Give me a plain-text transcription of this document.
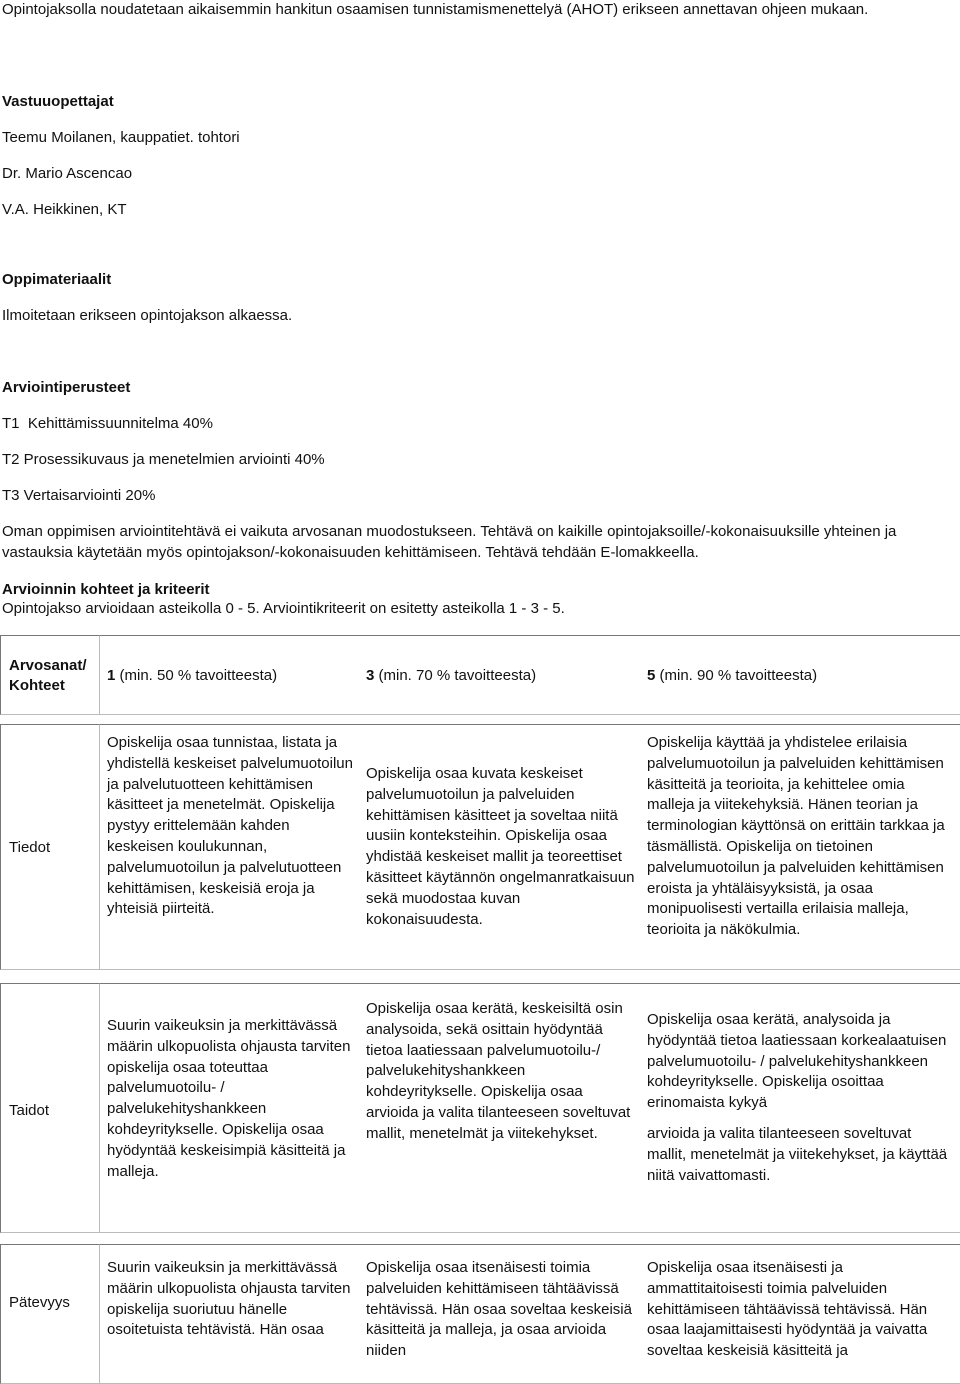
Opintojaksolla noudatetaan aikaisemmin hankitun osaamisen tunnistamismenettelyä (AHOT) erikseen annettavan ohjeen mukaan.
Vastuuopettajat
Teemu Moilanen, kauppatiet. tohtori
Dr. Mario Ascencao
V.A. Heikkinen, KT
Oppimateriaalit
Ilmoitetaan erikseen opintojakson alkaessa.
Arviointiperusteet
T1  Kehittämissuunnitelma 40%
T2 Prosessikuvaus ja menetelmien arviointi 40%
T3 Vertaisarviointi 20%
Oman oppimisen arviointitehtävä ei vaikuta arvosanan muodostukseen. Tehtävä on kaikille opintojaksoille/-kokonaisuuksille yhteinen ja vastauksia käytetään myös opintojakson/-kokonaisuuden kehittämiseen. Tehtävä tehdään E-lomakkeella.
Arvioinnin kohteet ja kriteerit
Opintojakso arvioidaan asteikolla 0 - 5. Arviointikriteerit on esitetty asteikolla 1 - 3 - 5.
Arvosanat/ Kohteet
1 (min. 50 % tavoitteesta)	3 (min. 70 % tavoitteesta)	5 (min. 90 % tavoitteesta)
Tiedot

Opiskelija osaa tunnistaa, listata ja yhdistellä keskeiset palvelumuotoilun ja palvelutuotteen kehittämisen käsitteet ja menetelmät. Opiskelija pystyy erittelemään kahden keskeisen koulukunnan, palvelumuotoilun ja palvelutuotteen kehittämisen, keskeisiä eroja ja yhteisiä piirteitä.

Opiskelija osaa kuvata keskeiset palvelumuotoilun ja palveluiden kehittämisen käsitteet ja soveltaa niitä uusiin konteksteihin. Opiskelija osaa yhdistää keskeiset mallit ja teoreettiset käsitteet käytännön ongelmanratkaisuun sekä muodostaa kuvan kokonaisuudesta.

Opiskelija käyttää ja yhdistelee erilaisia palvelumuotoilun ja palveluiden kehittämisen käsitteitä ja teorioita, ja kehittelee omia malleja ja viitekehyksiä. Hänen teorian ja terminologian käyttönsä on erittäin tarkkaa ja täsmällistä. Opiskelija on tietoinen palvelumuotoilun ja palveluiden kehittämisen eroista ja yhtäläisyyksistä, ja osaa monipuolisesti vertailla erilaisia malleja, teorioita ja näkökulmia.

Taidot

Suurin vaikeuksin ja merkittävässä määrin ulkopuolista ohjausta tarviten opiskelija osaa toteuttaa palvelumuotoilu- / palvelukehityshankkeen kohdeyritykselle. Opiskelija osaa hyödyntää keskeisimpiä käsitteitä ja malleja.

Opiskelija osaa kerätä, keskeisiltä osin analysoida, sekä osittain hyödyntää tietoa laatiessaan palvelumuotoilu-/ palvelukehityshankkeen kohdeyritykselle. Opiskelija osaa arvioida ja valita tilanteeseen soveltuvat mallit, menetelmät ja viitekehykset.

Opiskelija osaa kerätä, analysoida ja hyödyntää tietoa laatiessaan korkealaatuisen palvelumuotoilu- / palvelukehityshankkeen kohdeyritykselle. Opiskelija osoittaa erinomaista kykyä

arvioida ja valita tilanteeseen soveltuvat mallit, menetelmät ja viitekehykset, ja käyttää niitä vaivattomasti.

Pätevyys

Suurin vaikeuksin ja merkittävässä määrin ulkopuolista ohjausta tarviten opiskelija suoriutuu hänelle osoitetuista tehtävistä. Hän osaa

Opiskelija osaa itsenäisesti toimia palveluiden kehittämiseen tähtäävissä tehtävissä. Hän osaa soveltaa keskeisiä käsitteitä ja malleja, ja osaa arvioida niiden

Opiskelija osaa itsenäisesti ja ammattitaitoisesti toimia palveluiden kehittämiseen tähtäävissä tehtävissä. Hän osaa laajamittaisesti hyödyntää ja vaivatta soveltaa keskeisiä käsitteitä ja
